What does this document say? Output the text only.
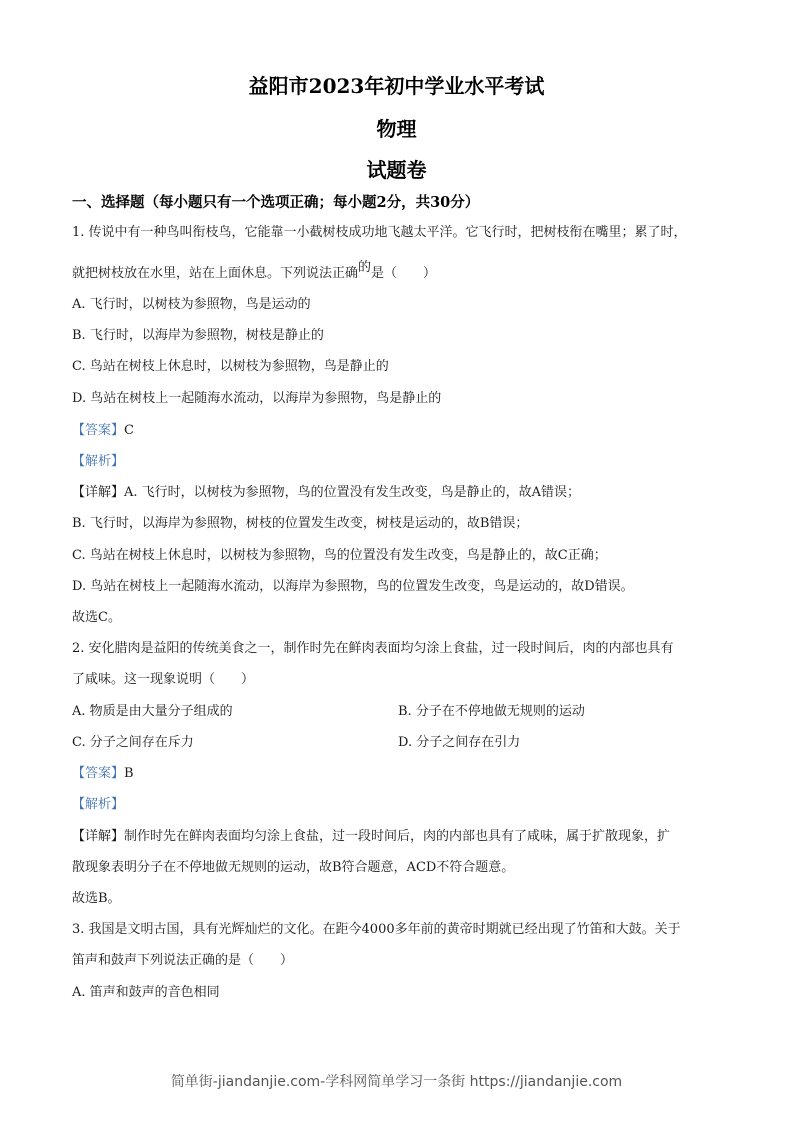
益阳市2023年初中学业水平考试
物理
试题卷
一、选择题（每小题只有一个选项正确；每小题2分，共30分）
1. 传说中有一种鸟叫衔枝鸟，它能靠一小截树枝成功地飞越太平洋。它飞行时，把树枝衔在嘴里；累了时，
就把树枝放在水里，站在上面休息。下列说法正确的是（　　）
A. 飞行时，以树枝为参照物，鸟是运动的
B. 飞行时，以海岸为参照物，树枝是静止的
C. 鸟站在树枝上休息时，以树枝为参照物，鸟是静止的
D. 鸟站在树枝上一起随海水流动，以海岸为参照物，鸟是静止的
【答案】C
【解析】
【详解】A. 飞行时，以树枝为参照物，鸟的位置没有发生改变，鸟是静止的，故A错误；
B. 飞行时，以海岸为参照物，树枝的位置发生改变，树枝是运动的，故B错误；
C. 鸟站在树枝上休息时，以树枝为参照物，鸟的位置没有发生改变，鸟是静止的，故C正确；
D. 鸟站在树枝上一起随海水流动，以海岸为参照物，鸟的位置发生改变，鸟是运动的，故D错误。
故选C。
2. 安化腊肉是益阳的传统美食之一，制作时先在鲜肉表面均匀涂上食盐，过一段时间后，肉的内部也具有
了咸味。这一现象说明（　　）
A. 物质是由大量分子组成的	B. 分子在不停地做无规则的运动
C. 分子之间存在斥力	D. 分子之间存在引力
【答案】B
【解析】
【详解】制作时先在鲜肉表面均匀涂上食盐，过一段时间后，肉的内部也具有了咸味，属于扩散现象，扩
散现象表明分子在不停地做无规则的运动，故B符合题意，ACD不符合题意。
故选B。
3. 我国是文明古国，具有光辉灿烂的文化。在距今4000多年前的黄帝时期就已经出现了竹笛和大鼓。关于
笛声和鼓声下列说法正确的是（　　）
A. 笛声和鼓声的音色相同
简单街-jiandanjie.com-学科网简单学习一条街 https://jiandanjie.com
